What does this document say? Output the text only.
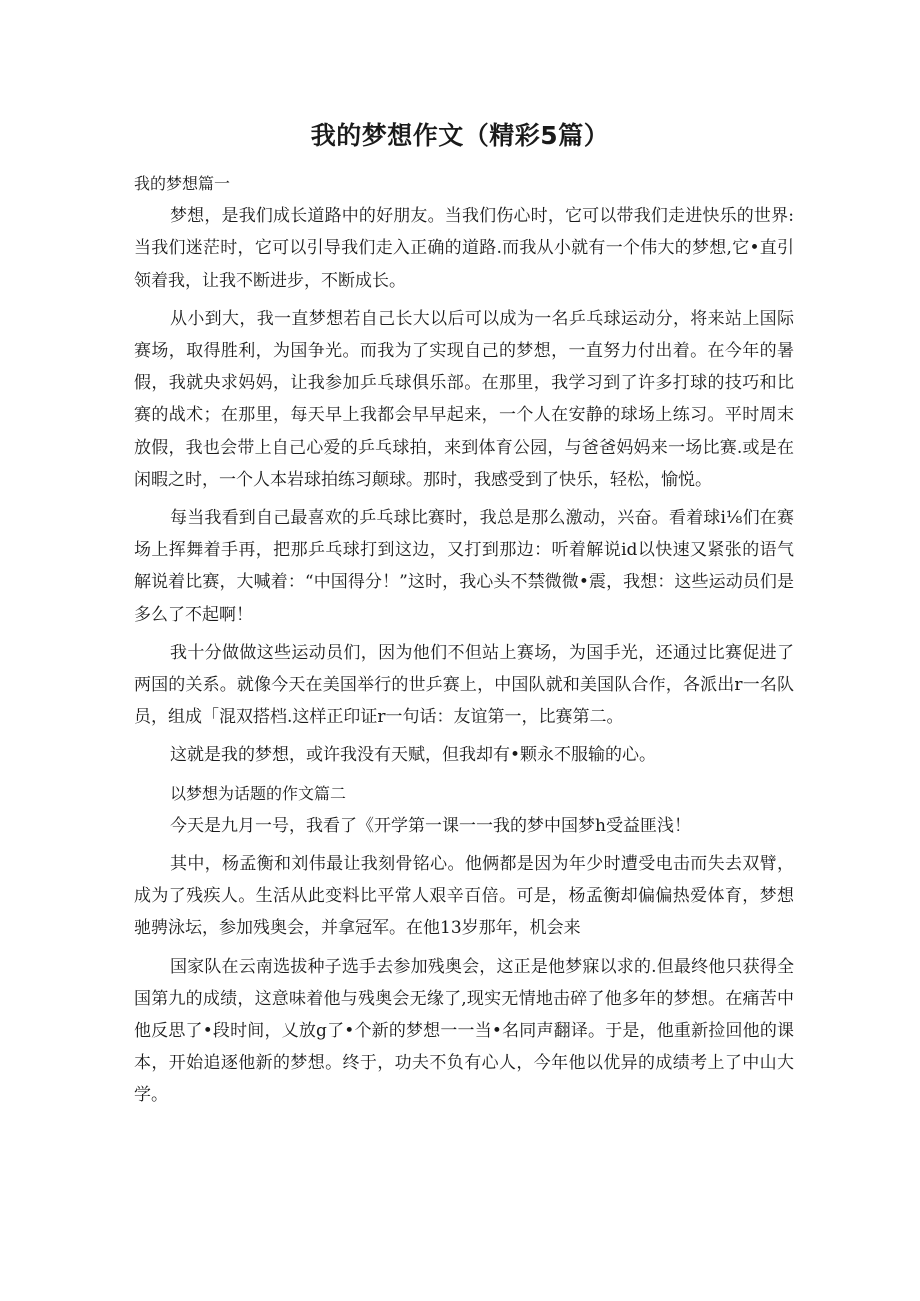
我的梦想作文（精彩5篇）

我的梦想篇一

梦想，是我们成长道路中的好朋友。当我们伤心时，它可以带我们走进快乐的世界:当我们迷茫时，它可以引导我们走入正确的道路.而我从小就有一个伟大的梦想,它•直引领着我，让我不断进步，不断成长。

从小到大，我一直梦想若自己长大以后可以成为一名乒乓球运动分，将来站上国际赛场，取得胜利，为国争光。而我为了实现自己的梦想，一直努力付出着。在今年的暑假，我就央求妈妈，让我参加乒乓球俱乐部。在那里，我学习到了许多打球的技巧和比赛的战术；在那里，每天早上我都会早早起来，一个人在安静的球场上练习。平时周末放假，我也会带上自己心爱的乒乓球拍，来到体育公园，与爸爸妈妈来一场比赛.或是在闲暇之时，一个人本岩球拍练习颠球。那时，我感受到了快乐，轻松，愉悦。

每当我看到自己最喜欢的乒乓球比赛时，我总是那么激动，兴奋。看着球i⅛们在赛场上挥舞着手再，把那乒乓球打到这边，又打到那边：听着解说id以快速又紧张的语气解说着比赛，大喊着：“中国得分！”这时，我心头不禁微微•震，我想：这些运动员们是多么了不起啊！

我十分做做这些运动员们，因为他们不但站上赛场，为国手光，还通过比赛促进了两国的关系。就像今天在美国举行的世乒赛上，中国队就和美国队合作，各派出r一名队员，组成「混双搭档.这样正印证r一句话：友谊第一，比赛第二。

这就是我的梦想，或许我没有天赋，但我却有•颗永不服输的心。

以梦想为话题的作文篇二

今天是九月一号，我看了《开学第一课一一我的梦中国梦h受益匪浅！

其中，杨孟衡和刘伟最让我刻骨铭心。他俩都是因为年少时遭受电击而失去双臂，成为了残疾人。生活从此变料比平常人艰辛百倍。可是，杨孟衡却偏偏热爱体育，梦想驰骋泳坛，参加残奥会，并拿冠军。在他13岁那年，机会来

国家队在云南选拔种子选手去参加残奥会，这正是他梦寐以求的.但最终他只获得全国第九的成绩，这意味着他与残奥会无缘了,现实无情地击碎了他多年的梦想。在痛苦中他反思了•段时间，乂放g了•个新的梦想一一当•名同声翻译。于是，他重新捡回他的课本，开始追逐他新的梦想。终于，功夫不负有心人，今年他以优异的成绩考上了中山大学。
